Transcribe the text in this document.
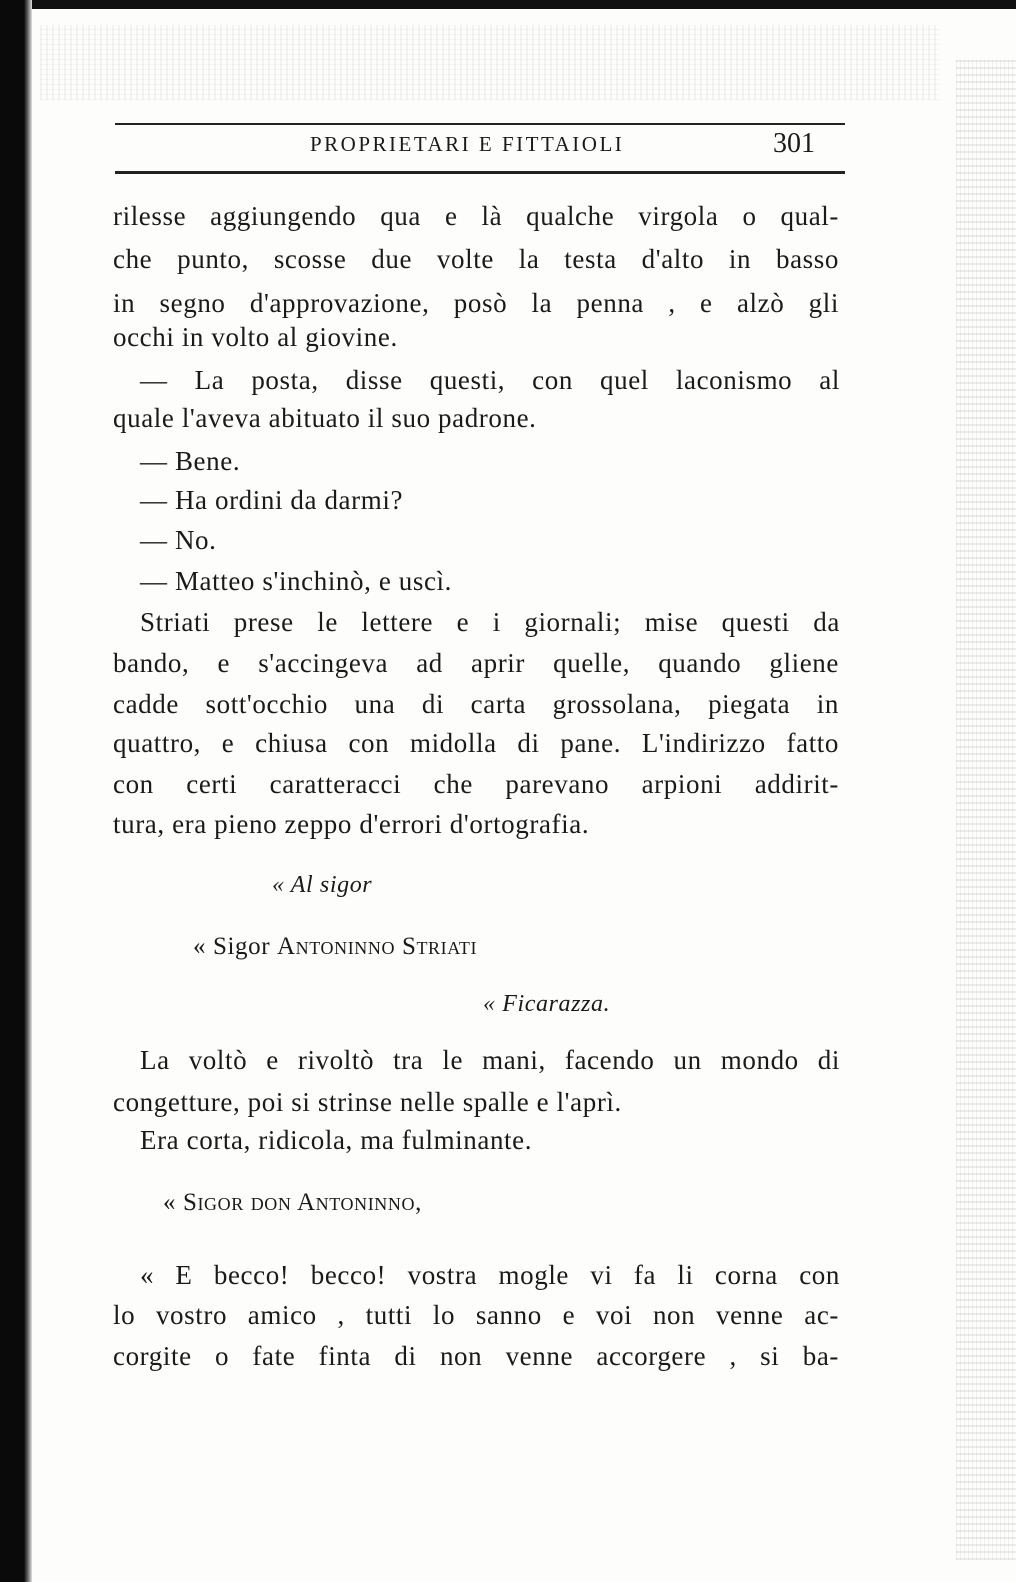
PROPRIETARI E FITTAIOLI	301
rilesse aggiungendo qua e là qualche virgola o qual-
che punto, scosse due volte la testa d'alto in basso
in segno d'approvazione, posò la penna , e alzò gli
occhi in volto al giovine.
— La posta, disse questi, con quel laconismo al
quale l'aveva abituato il suo padrone.
— Bene.
— Ha ordini da darmi?
— No.
— Matteo s'inchinò, e uscì.
Striati prese le lettere e i giornali; mise questi da
bando, e s'accingeva ad aprir quelle, quando gliene
cadde sott'occhio una di carta grossolana, piegata in
quattro, e chiusa con midolla di pane. L'indirizzo fatto
con certi caratteracci che parevano arpioni addirit-
tura, era pieno zeppo d'errori d'ortografia.
« Al sigor
« Sigor Antoninno Striati
« Ficarazza.
La voltò e rivoltò tra le mani, facendo un mondo di
congetture, poi si strinse nelle spalle e l'aprì.
Era corta, ridicola, ma fulminante.
« Sigor don Antoninno,
« E becco! becco! vostra mogle vi fa li corna con
lo vostro amico , tutti lo sanno e voi non venne ac-
corgite o fate finta di non venne accorgere , si ba-
